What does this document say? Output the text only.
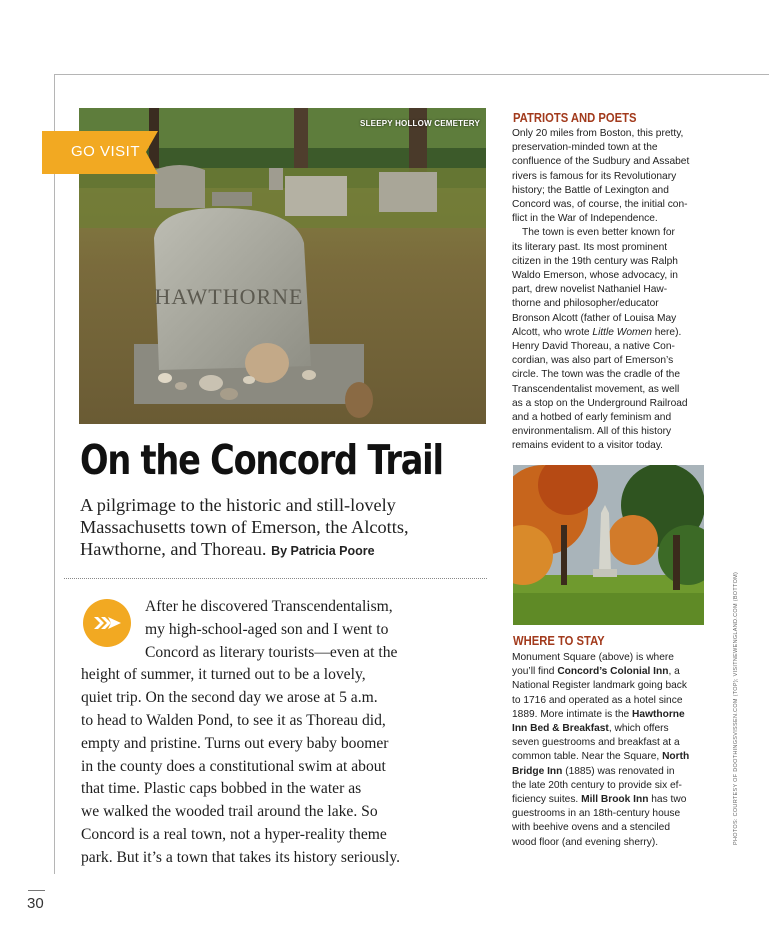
HAWTHORNE
SLEEPY HOLLOW CEMETERY
GO VISIT
On the Concord Trail

A pilgrimage to the historic and still-lovely
Massachusetts town of Emerson, the Alcotts,
Hawthorne, and Thoreau. By Patricia Poore

After he discovered Transcendentalism,
my high-school-aged son and I went to
Concord as literary tourists—even at the
height of summer, it turned out to be a lovely,
quiet trip. On the second day we arose at 5 a.m.
to head to Walden Pond, to see it as Thoreau did,
empty and pristine. Turns out every baby boomer
in the county does a constitutional swim at about
that time. Plastic caps bobbed in the water as
we walked the wooded trail around the lake. So
Concord is a real town, not a hyper-reality theme
park. But it’s a town that takes its history seriously.
PATRIOTS AND POETS
Only 20 miles from Boston, this pretty,
preservation-minded town at the
confluence of the Sudbury and Assabet
rivers is famous for its Revolutionary
history; the Battle of Lexington and
Concord was, of course, the initial con-
flict in the War of Independence.
The town is even better known for
its literary past. Its most prominent
citizen in the 19th century was Ralph
Waldo Emerson, whose advocacy, in
part, drew novelist Nathaniel Haw-
thorne and philosopher/educator
Bronson Alcott (father of Louisa May
Alcott, who wrote Little Women here).
Henry David Thoreau, a native Con-
cordian, was also part of Emerson’s
circle. The town was the cradle of the
Transcendentalist movement, as well
as a stop on the Underground Railroad
and a hotbed of early feminism and
environmentalism. All of this history
remains evident to a visitor today.
WHERE TO STAY
Monument Square (above) is where
you’ll find Concord’s Colonial Inn, a
National Register landmark going back
to 1716 and operated as a hotel since
1889. More intimate is the Hawthorne
Inn Bed & Breakfast, which offers
seven guestrooms and breakfast at a
common table. Near the Square, North
Bridge Inn (1885) was renovated in
the late 20th century to provide six ef-
ficiency suites. Mill Brook Inn has two
guestrooms in an 18th-century house
with beehive ovens and a stenciled
wood floor (and evening sherry).	PHOTOS: COURTESY OF DOOTHINGSVISSEN.COM (TOP); VISITNEWENGLAND.COM (BOTTOM)
30
